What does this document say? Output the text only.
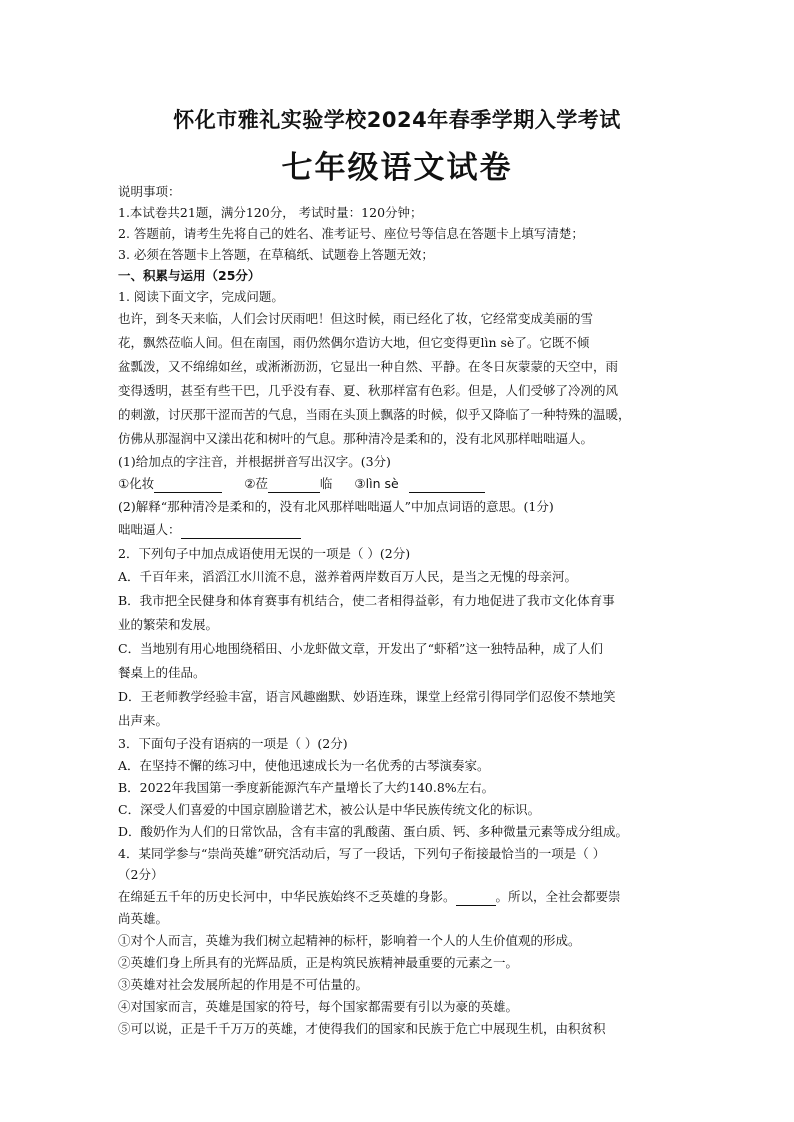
怀化市雅礼实验学校2024年春季学期入学考试
七年级语文试卷
说明事项：
1.本试卷共21题，满分120分， 考试时量：120分钟；
2. 答题前，请考生先将自己的姓名、准考证号、座位号等信息在答题卡上填写清楚；
3. 必须在答题卡上答题，在草稿纸、试题卷上答题无效；
一、积累与运用（25分）
1. 阅读下面文字，完成问题。
也许，到冬天来临，人们会讨厌雨吧！但这时候，雨已经化了妆，它经常变成美丽的雪
花，飘然莅临人间。但在南国，雨仍然偶尔造访大地，但它变得更lìn sè了。它既不倾
盆瓢泼，又不绵绵如丝，或淅淅沥沥，它显出一种自然、平静。在冬日灰蒙蒙的天空中，雨
变得透明，甚至有些干巴，几乎没有春、夏、秋那样富有色彩。但是，人们受够了冷冽的风
的刺激，讨厌那干涩而苦的气息，当雨在头顶上飘落的时候，似乎又降临了一种特殊的温暖，
仿佛从那湿润中又漾出花和树叶的气息。那种清冷是柔和的，没有北风那样咄咄逼人。
(1)给加点的字注音，并根据拼音写出汉字。(3分)
①化妆	②莅	临 ③lìn sè
(2)解释“那种清冷是柔和的，没有北风那样咄咄逼人”中加点词语的意思。(1分)
咄咄逼人：
2．下列句子中加点成语使用无误的一项是（ ）(2分)
A．千百年来，滔滔江水川流不息，滋养着两岸数百万人民，是当之无愧的母亲河。
B．我市把全民健身和体育赛事有机结合，使二者相得益彰，有力地促进了我市文化体育事
业的繁荣和发展。
C．当地别有用心地围绕稻田、小龙虾做文章，开发出了“虾稻”这一独特品种，成了人们
餐桌上的佳品。
D．王老师教学经验丰富，语言风趣幽默、妙语连珠，课堂上经常引得同学们忍俊不禁地笑
出声来。
3．下面句子没有语病的一项是（ ）(2分)
A．在坚持不懈的练习中，使他迅速成长为一名优秀的古琴演奏家。
B．2022年我国第一季度新能源汽车产量增长了大约140.8%左右。
C．深受人们喜爱的中国京剧脸谱艺术，被公认是中华民族传统文化的标识。
D．酸奶作为人们的日常饮品，含有丰富的乳酸菌、蛋白质、钙、多种微量元素等成分组成。
4．某同学参与“崇尚英雄”研究活动后，写了一段话，下列句子衔接最恰当的一项是（ ）
（2分）
在绵延五千年的历史长河中，中华民族始终不乏英雄的身影。	。所以，全社会都要崇
尚英雄。
①对个人而言，英雄为我们树立起精神的标杆，影响着一个人的人生价值观的形成。
②英雄们身上所具有的光辉品质，正是构筑民族精神最重要的元素之一。
③英雄对社会发展所起的作用是不可估量的。
④对国家而言，英雄是国家的符号，每个国家都需要有引以为豪的英雄。
⑤可以说，正是千千万万的英雄，才使得我们的国家和民族于危亡中展现生机，由积贫积
